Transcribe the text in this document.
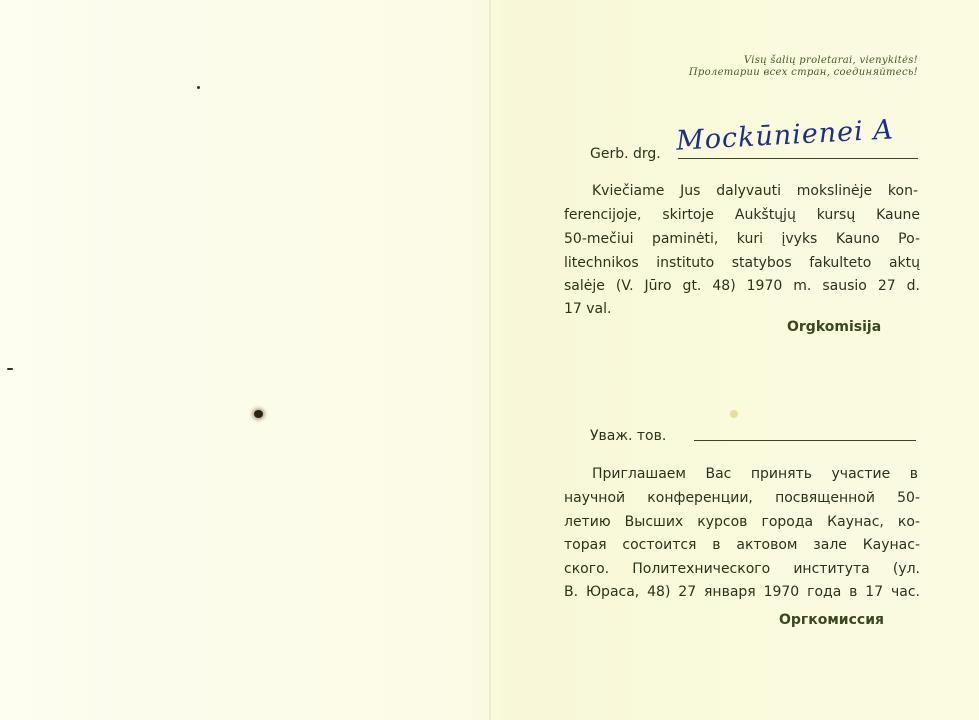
Visų šalių proletarai, vienykitės!
Пролетарии всех стран, соединяйтесь!
Gerb. drg. Mockūnienei A
Kviečiame Jus dalyvauti mokslinėje kon-
ferencijoje, skirtoje Aukštųjų kursų Kaune
50-mečiui paminėti, kuri įvyks Kauno Po-
litechnikos instituto statybos fakulteto aktų
salėje (V. Jūro gt. 48) 1970 m. sausio 27 d.
17 val.
Orgkomisija
Уваж. тов.
Приглашаем Вас принять участие в
научной конференции, посвященной 50-
летию Высших курсов города Каунас, ко-
торая состоится в актовом зале Каунас-
ского. Политехнического института (ул.
В. Юраса, 48) 27 января 1970 года в 17 час.
Оргкомиссия
